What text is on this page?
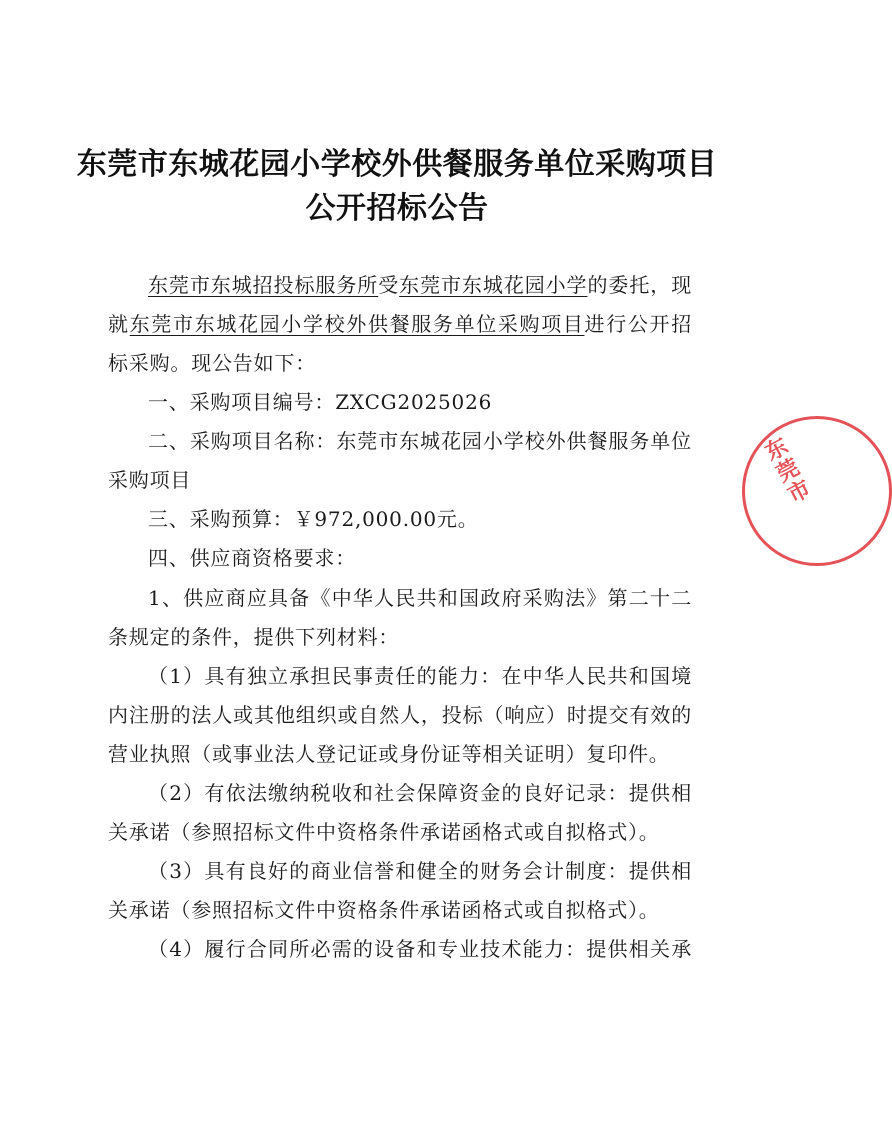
东莞市东城花园小学校外供餐服务单位采购项目
公开招标公告
东莞市东城招投标服务所受东莞市东城花园小学的委托，现
就东莞市东城花园小学校外供餐服务单位采购项目进行公开招
标采购。现公告如下：
一、采购项目编号：ZXCG2025026
二、采购项目名称：东莞市东城花园小学校外供餐服务单位
采购项目
三、采购预算：￥972,000.00元。
四、供应商资格要求：
1、供应商应具备《中华人民共和国政府采购法》第二十二
条规定的条件，提供下列材料：
（1）具有独立承担民事责任的能力：在中华人民共和国境
内注册的法人或其他组织或自然人，投标（响应）时提交有效的
营业执照（或事业法人登记证或身份证等相关证明）复印件。
（2）有依法缴纳税收和社会保障资金的良好记录：提供相
关承诺（参照招标文件中资格条件承诺函格式或自拟格式）。
（3）具有良好的商业信誉和健全的财务会计制度：提供相
关承诺（参照招标文件中资格条件承诺函格式或自拟格式）。
（4）履行合同所必需的设备和专业技术能力：提供相关承
东莞市
